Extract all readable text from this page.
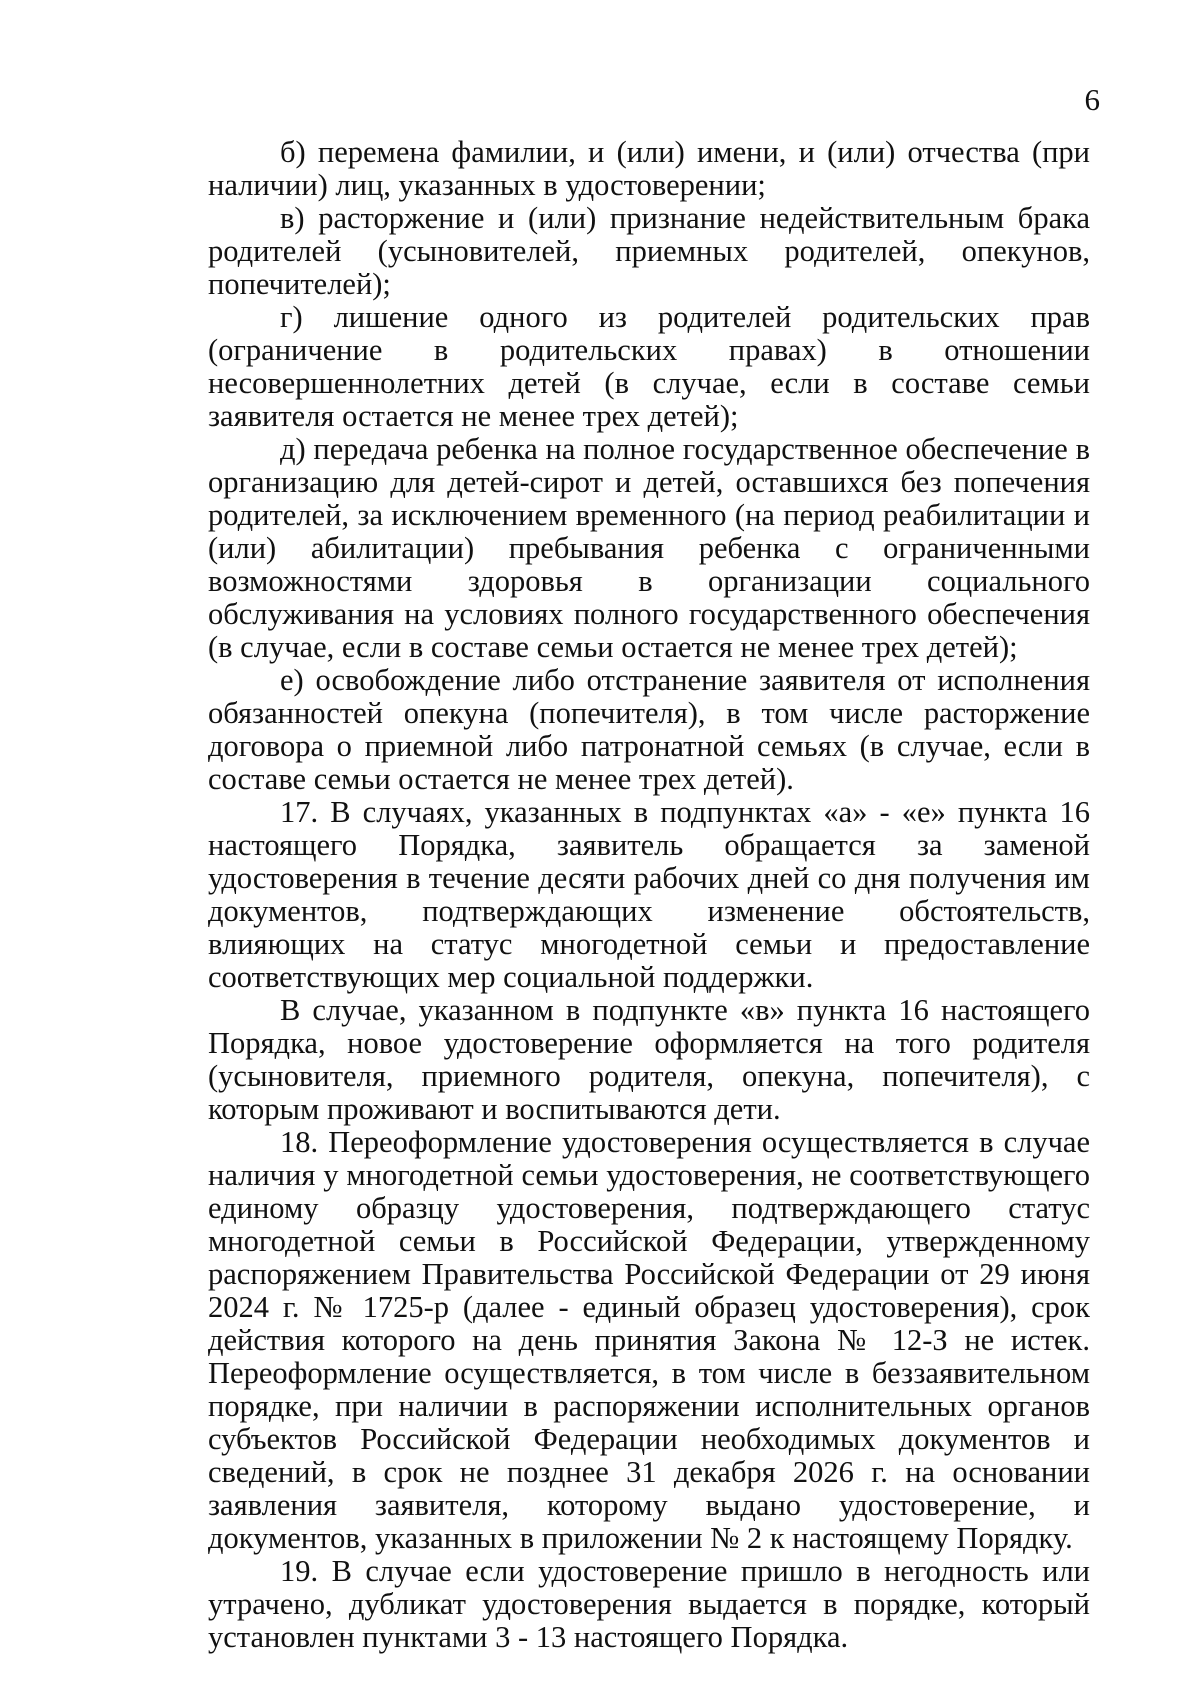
6

б) перемена фамилии, и (или) имени, и (или) отчества (при наличии) лиц, указанных в удостоверении;

в) расторжение и (или) признание недействительным брака родителей (усыновителей, приемных родителей, опекунов, попечителей);

г) лишение одного из родителей родительских прав (ограничение в родительских правах) в отношении несовершеннолетних детей (в случае, если в составе семьи заявителя остается не менее трех детей);

д) передача ребенка на полное государственное обеспечение в организацию для детей-сирот и детей, оставшихся без попечения родителей, за исключением временного (на период реабилитации и (или) абилитации) пребывания ребенка с ограниченными возможностями здоровья в организации социального обслуживания на условиях полного государственного обеспечения (в случае, если в составе семьи остается не менее трех детей);

е) освобождение либо отстранение заявителя от исполнения обязанностей опекуна (попечителя), в том числе расторжение договора о приемной либо патронатной семьях (в случае, если в составе семьи остается не менее трех детей).

17. В случаях, указанных в подпунктах «а» - «е» пункта 16 настоящего Порядка, заявитель обращается за заменой удостоверения в течение десяти рабочих дней со дня получения им документов, подтверждающих изменение обстоятельств, влияющих на статус многодетной семьи и предоставление соответствующих мер социальной поддержки.

В случае, указанном в подпункте «в» пункта 16 настоящего Порядка, новое удостоверение оформляется на того родителя (усыновителя, приемного родителя, опекуна, попечителя), с которым проживают и воспитываются дети.

18. Переоформление удостоверения осуществляется в случае наличия у многодетной семьи удостоверения, не соответствующего единому образцу удостоверения, подтверждающего статус многодетной семьи в Российской Федерации, утвержденному распоряжением Правительства Российской Федерации от 29 июня 2024 г. № 1725-р (далее - единый образец удостоверения), срок действия которого на день принятия Закона № 12-З не истек. Переоформление осуществляется, в том числе в беззаявительном порядке, при наличии в распоряжении исполнительных органов субъектов Российской Федерации необходимых документов и сведений, в срок не позднее 31 декабря 2026 г. на основании заявления заявителя, которому выдано удостоверение, и документов, указанных в приложении № 2 к настоящему Порядку.

19. В случае если удостоверение пришло в негодность или утрачено, дубликат удостоверения выдается в порядке, который установлен пунктами 3 - 13 настоящего Порядка.
